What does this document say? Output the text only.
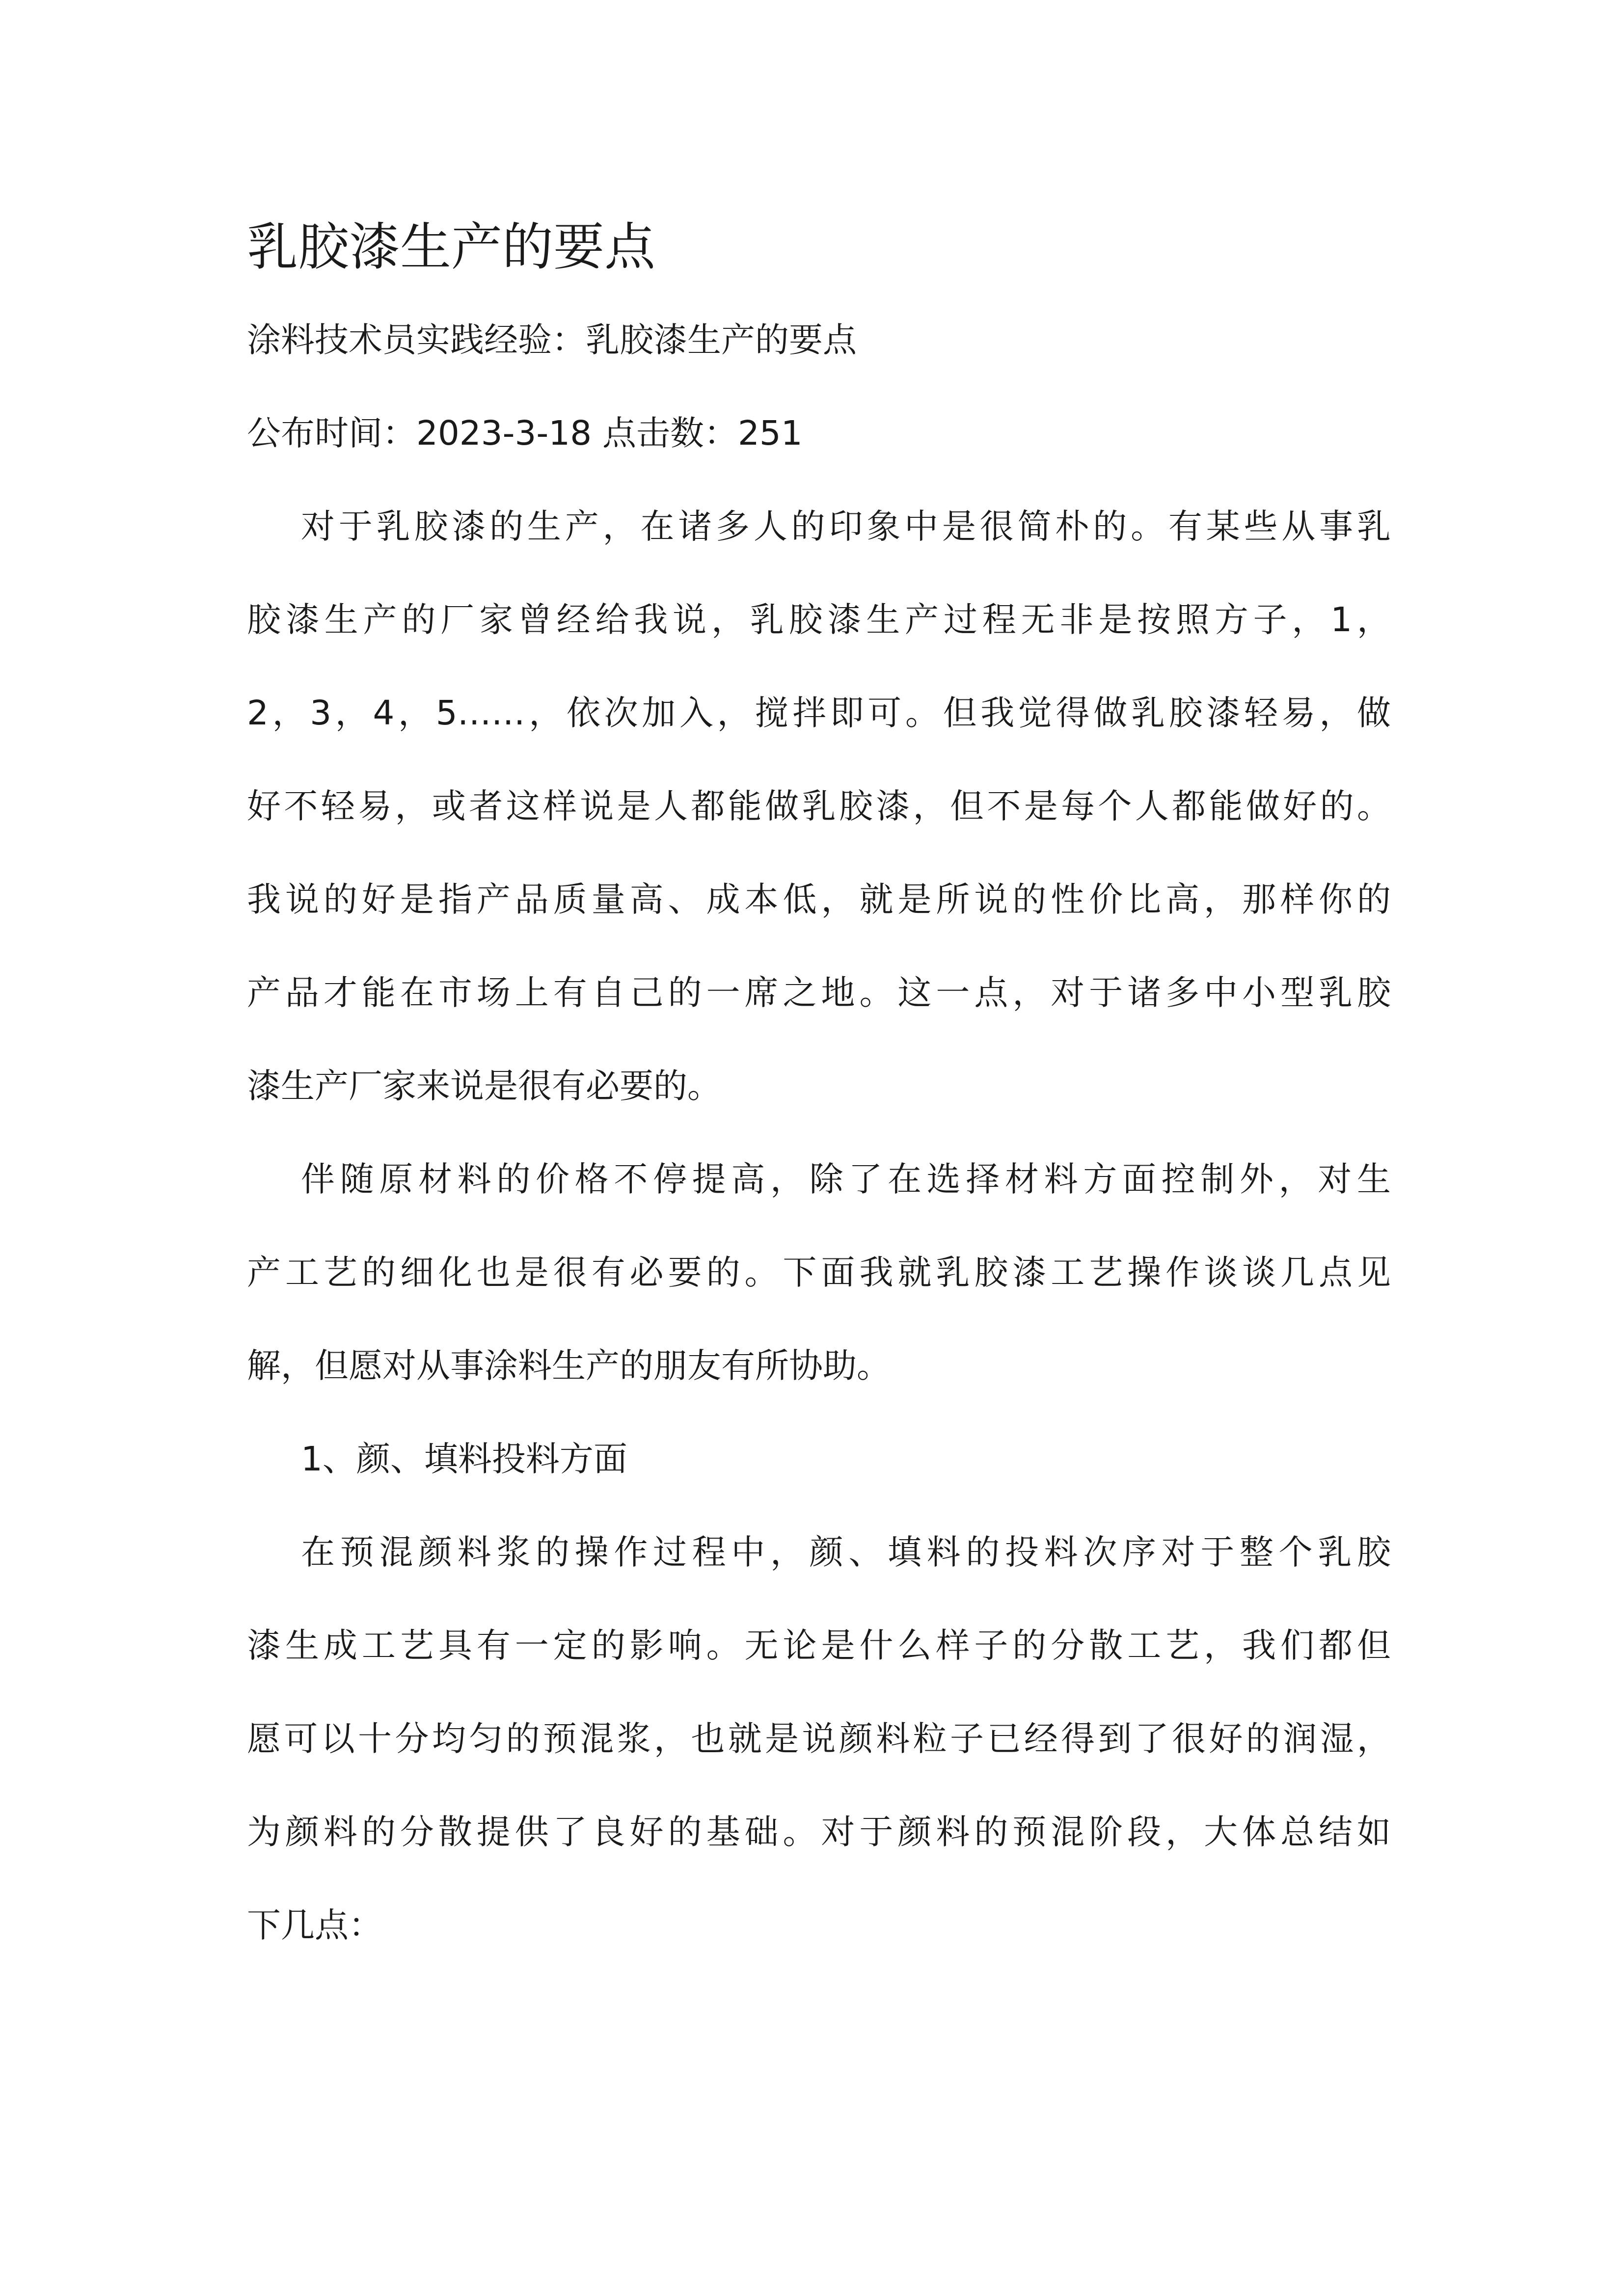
乳胶漆生产的要点
涂料技术员实践经验：乳胶漆生产的要点
公布时间：2023-3-18 点击数：251
对于乳胶漆的生产，在诸多人的印象中是很简朴的。有某些从事乳
胶漆生产的厂家曾经给我说，乳胶漆生产过程无非是按照方子，1，
2，3，4，5……，依次加入，搅拌即可。但我觉得做乳胶漆轻易，做
好不轻易，或者这样说是人都能做乳胶漆，但不是每个人都能做好的。
我说的好是指产品质量高、成本低，就是所说的性价比高，那样你的
产品才能在市场上有自己的一席之地。这一点，对于诸多中小型乳胶
漆生产厂家来说是很有必要的。
伴随原材料的价格不停提高，除了在选择材料方面控制外，对生
产工艺的细化也是很有必要的。下面我就乳胶漆工艺操作谈谈几点见
解，但愿对从事涂料生产的朋友有所协助。
1、颜、填料投料方面
在预混颜料浆的操作过程中，颜、填料的投料次序对于整个乳胶
漆生成工艺具有一定的影响。无论是什么样子的分散工艺，我们都但
愿可以十分均匀的预混浆，也就是说颜料粒子已经得到了很好的润湿，
为颜料的分散提供了良好的基础。对于颜料的预混阶段，大体总结如
下几点：
